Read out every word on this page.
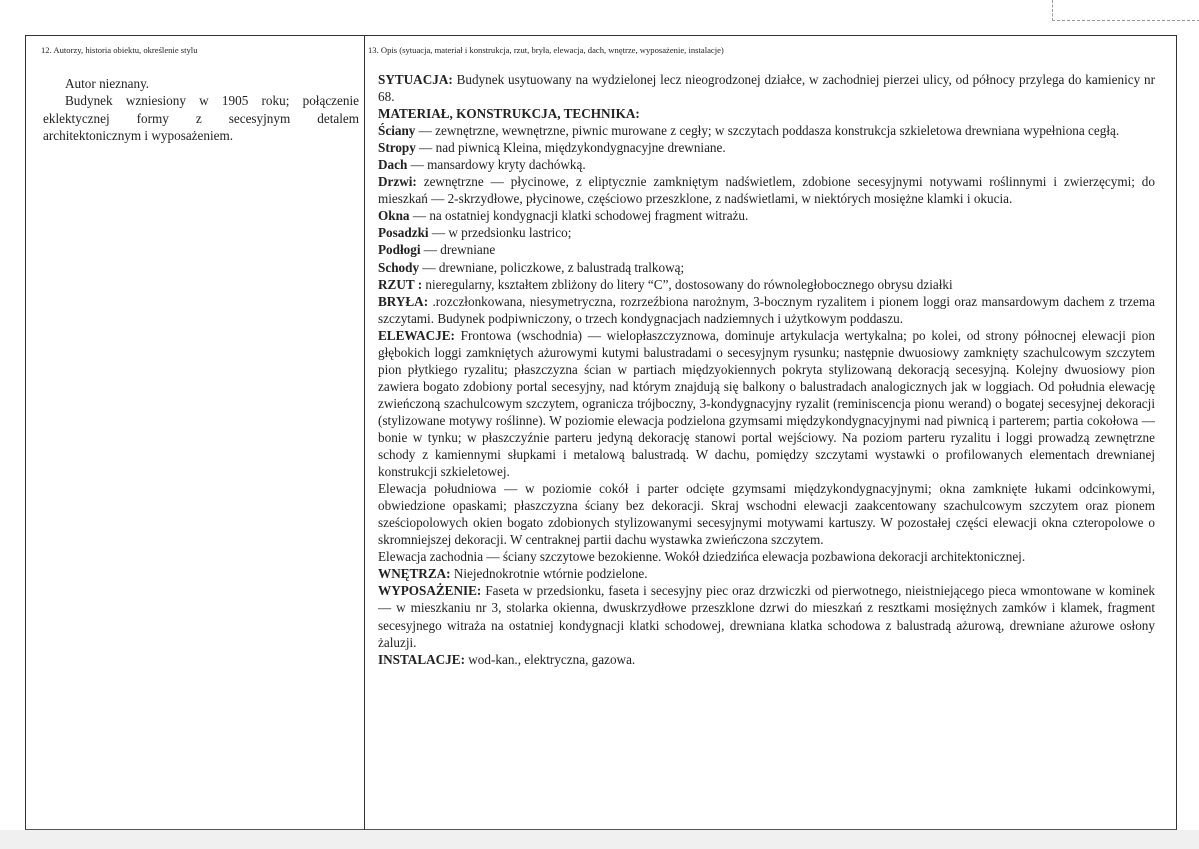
12. Autorzy, historia obiektu, określenie stylu	13. Opis (sytuacja, materiał i konstrukcja, rzut, bryła, elewacja, dach, wnętrze, wyposażenie, instalacje)

Autor nieznany.

Budynek wzniesiony w 1905 roku; połączenie eklektycznej formy z secesyjnym detalem architektonicznym i wyposażeniem.

SYTUACJA: Budynek usytuowany na wydzielonej lecz nieogrodzonej działce, w zachodniej pierzei ulicy, od północy przylega do kamienicy nr 68.

MATERIAŁ, KONSTRUKCJA, TECHNIKA:

Ściany — zewnętrzne, wewnętrzne, piwnic murowane z cegły; w szczytach poddasza konstrukcja szkieletowa drewniana wypełniona cegłą.

Stropy — nad piwnicą Kleina, międzykondygnacyjne drewniane.

Dach — mansardowy kryty dachówką.

Drzwi: zewnętrzne — płycinowe, z eliptycznie zamkniętym nadświetlem, zdobione secesyjnymi notywami roślinnymi i zwierzęcymi; do mieszkań — 2-skrzydłowe, płycinowe, częściowo przeszklone, z nadświetlami, w niektórych mosiężne klamki i okucia.

Okna — na ostatniej kondygnacji klatki schodowej fragment witrażu.

Posadzki — w przedsionku lastrico;

Podłogi — drewniane

Schody — drewniane, policzkowe, z balustradą tralkową;

RZUT : nieregularny, kształtem zbliżony do litery “C”, dostosowany do równoległobocznego obrysu działki

BRYŁA: .rozczłonkowana, niesymetryczna, rozrzeźbiona narożnym, 3-bocznym ryzalitem i pionem loggi oraz mansardowym dachem z trzema szczytami. Budynek podpiwniczony, o trzech kondygnacjach nadziemnych i użytkowym poddaszu.

ELEWACJE: Frontowa (wschodnia) — wielopłaszczyznowa, dominuje artykulacja wertykalna; po kolei, od strony północnej elewacji pion głębokich loggi zamkniętych ażurowymi kutymi balustradami o secesyjnym rysunku; następnie dwuosiowy zamknięty szachulcowym szczytem pion płytkiego ryzalitu; płaszczyzna ścian w partiach międzyokiennych pokryta stylizowaną dekoracją secesyjną. Kolejny dwuosiowy pion zawiera bogato zdobiony portal secesyjny, nad którym znajdują się balkony o balustradach analogicznych jak w loggiach. Od południa elewację zwieńczoną szachulcowym szczytem, ogranicza trójboczny, 3-kondygnacyjny ryzalit (reminiscencja pionu werand) o bogatej secesyjnej dekoracji (stylizowane motywy roślinne). W poziomie elewacja podzielona gzymsami międzykondygnacyjnymi nad piwnicą i parterem; partia cokołowa — bonie w tynku; w płaszczyźnie parteru jedyną dekorację stanowi portal wejściowy. Na poziom parteru ryzalitu i loggi prowadzą zewnętrzne schody z kamiennymi słupkami i metalową balustradą. W dachu, pomiędzy szczytami wystawki o profilowanych elementach drewnianej konstrukcji szkieletowej.

Elewacja południowa — w poziomie cokół i parter odcięte gzymsami międzykondygnacyjnymi; okna zamknięte łukami odcinkowymi, obwiedzione opaskami; płaszczyzna ściany bez dekoracji. Skraj wschodni elewacji zaakcentowany szachulcowym szczytem oraz pionem sześciopolowych okien bogato zdobionych stylizowanymi secesyjnymi motywami kartuszy. W pozostałej części elewacji okna czteropolowe o skromniejszej dekoracji. W centraknej partii dachu wystawka zwieńczona szczytem.

Elewacja zachodnia — ściany szczytowe bezokienne. Wokół dziedzińca elewacja pozbawiona dekoracji architektonicznej.

WNĘTRZA: Niejednokrotnie wtórnie podzielone.

WYPOSAŻENIE: Faseta w przedsionku, faseta i secesyjny piec oraz drzwiczki od pierwotnego, nieistniejącego pieca wmontowane w kominek — w mieszkaniu nr 3, stolarka okienna, dwuskrzydłowe przeszklone dzrwi do mieszkań z resztkami mosiężnych zamków i klamek, fragment secesyjnego witraża na ostatniej kondygnacji klatki schodowej, drewniana klatka schodowa z balustradą ażurową, drewniane ażurowe osłony żaluzji.

INSTALACJE: wod-kan., elektryczna, gazowa.
